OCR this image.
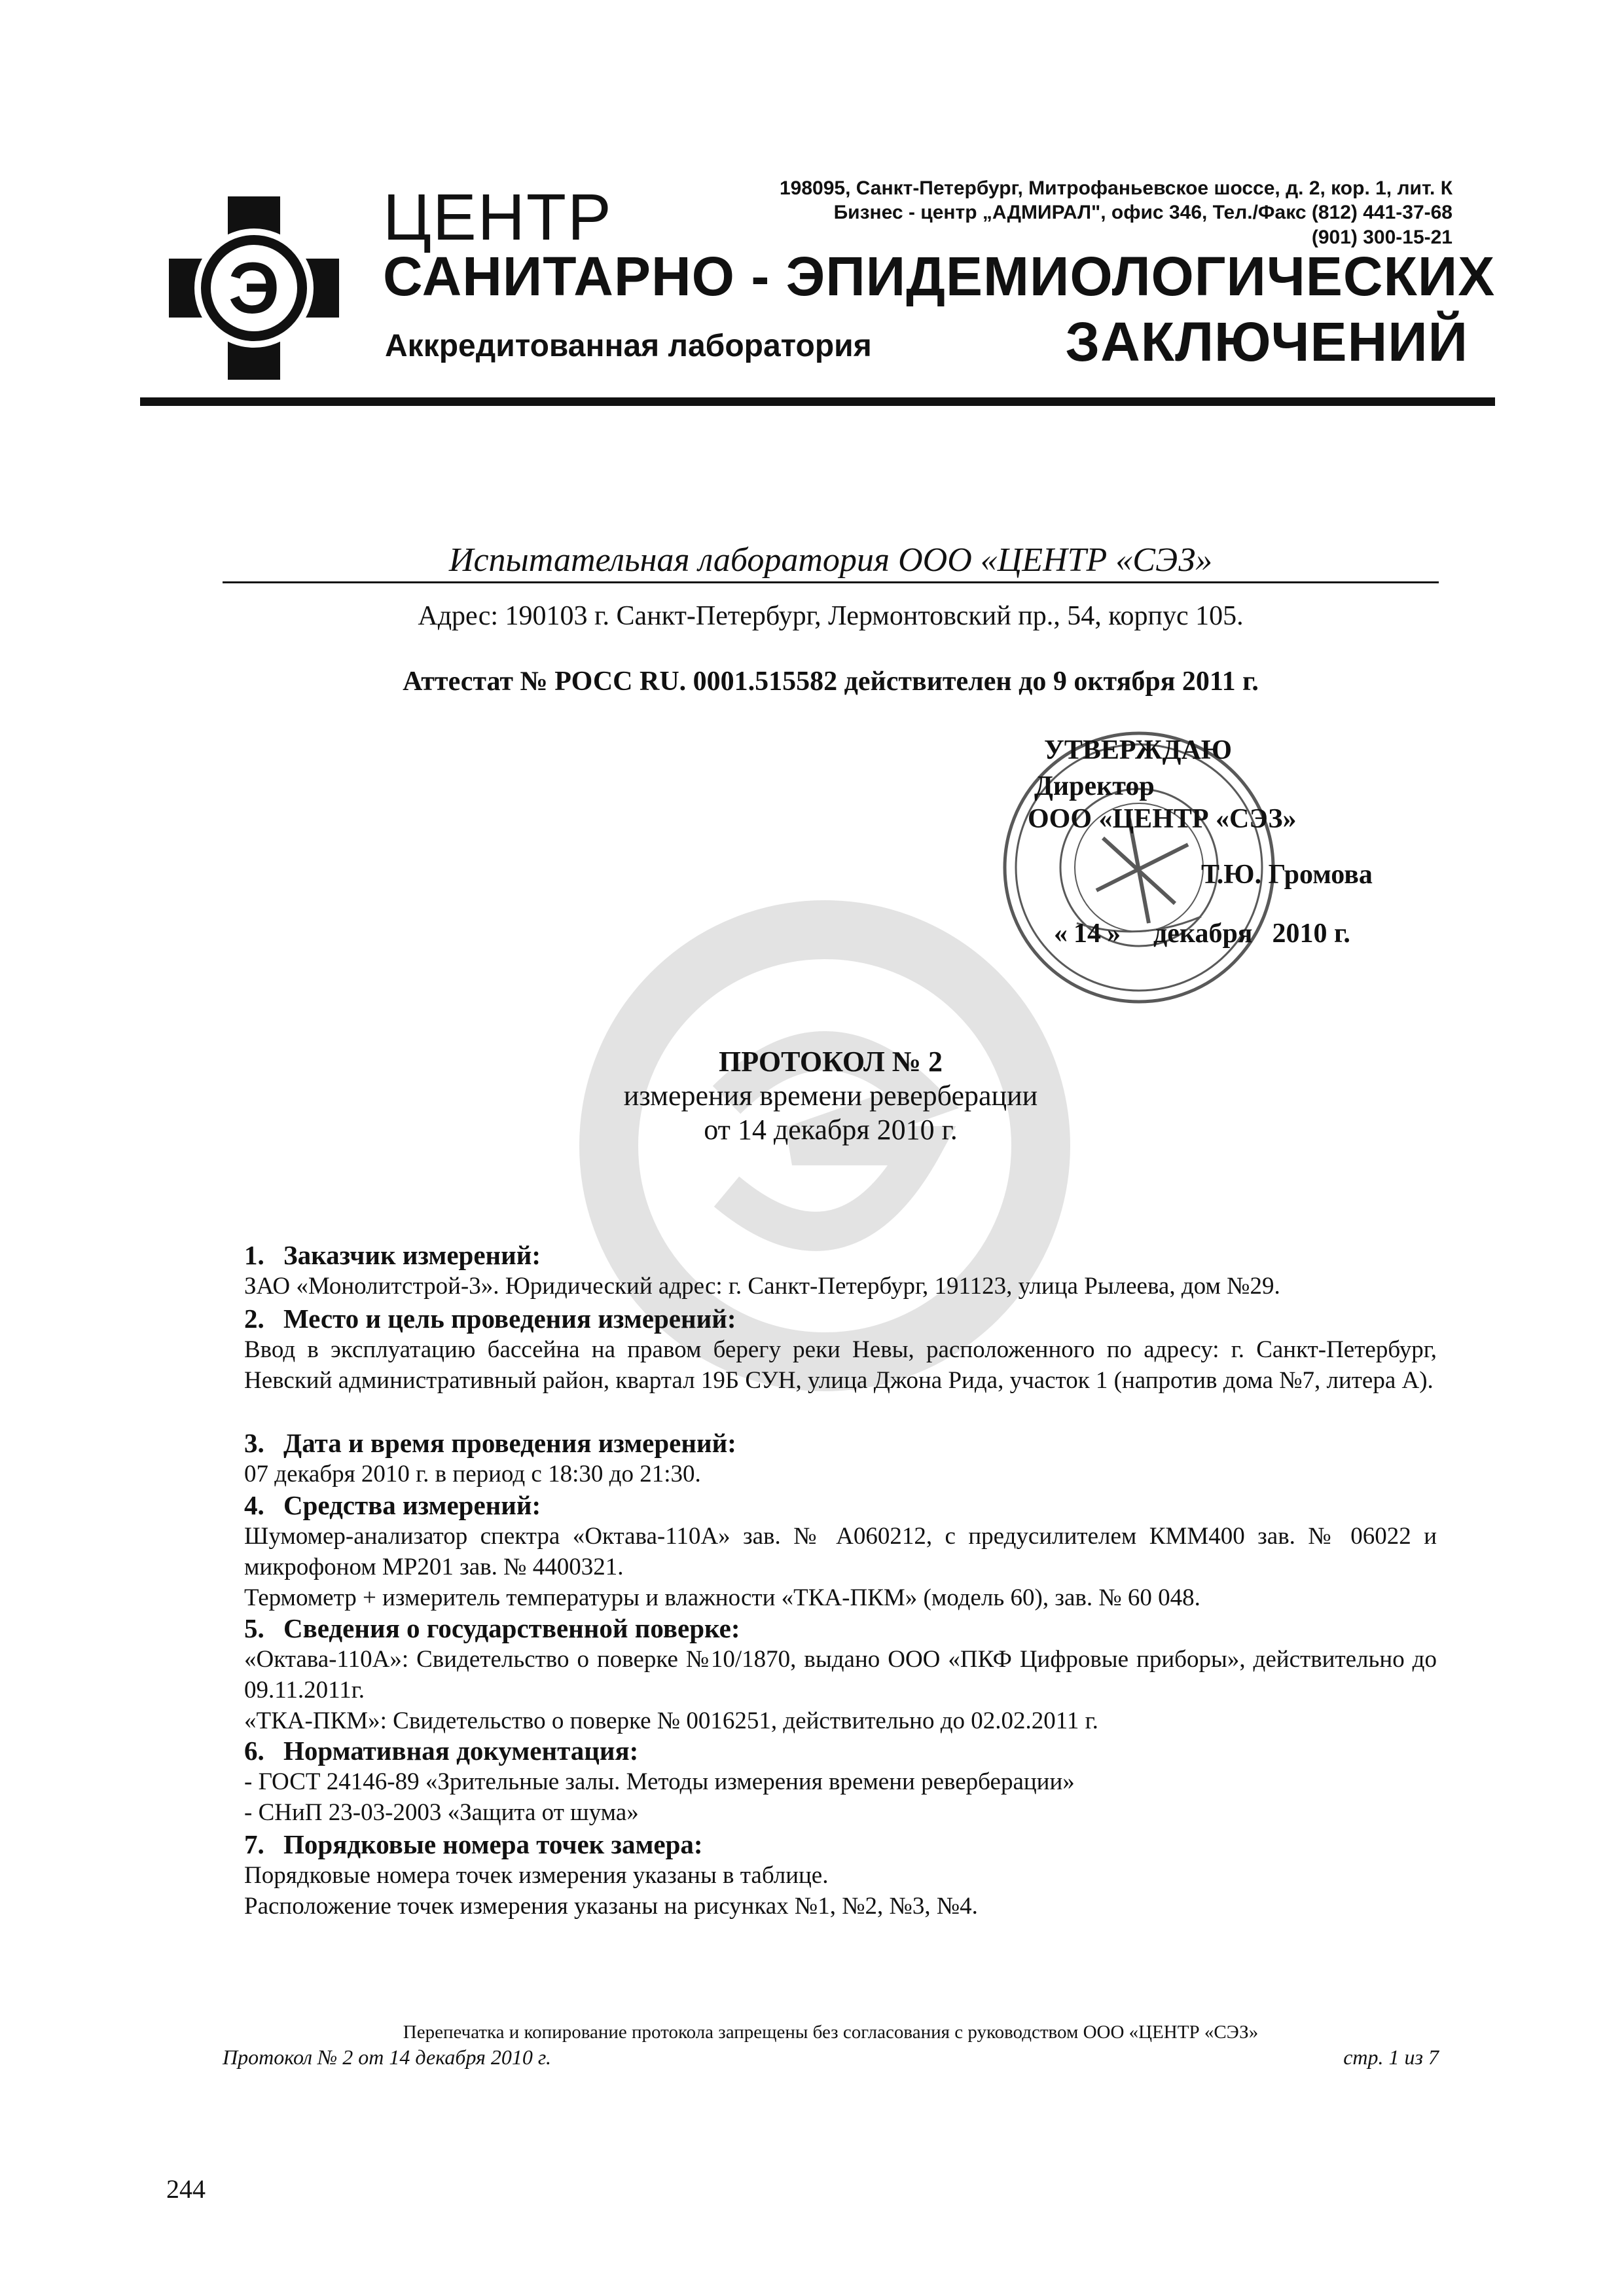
Э
ЦЕНТР
САНИТАРНО - ЭПИДЕМИОЛОГИЧЕСКИХ
Аккредитованная лаборатория	ЗАКЛЮЧЕНИЙ
198095, Санкт-Петербург, Митрофаньевское шоссе, д. 2, кор. 1, лит. К
Бизнес - центр „АДМИРАЛ", офис 346, Тел./Факс (812) 441-37-68
(901) 300-15-21
Испытательная лаборатория ООО «ЦЕНТР «СЭЗ»
Адрес: 190103 г. Санкт-Петербург, Лермонтовский пр., 54, корпус 105.
Аттестат № РОСС RU. 0001.515582 действителен до 9 октября 2011 г.
УТВЕРЖДАЮ
Директор
ООО «ЦЕНТР «СЭЗ»
Т.Ю. Громова
« 14 » декабря 2010 г.
ПРОТОКОЛ № 2
измерения времени реверберации
от 14 декабря 2010 г.
1. Заказчик измерений:
ЗАО «Монолитстрой-3». Юридический адрес: г. Санкт-Петербург, 191123, улица Рылеева, дом №29.
2. Место и цель проведения измерений:
Ввод в эксплуатацию бассейна на правом берегу реки Невы, расположенного по адресу: г. Санкт-Петербург, Невский административный район, квартал 19Б СУН, улица Джона Рида, участок 1 (напротив дома №7, литера А).
3. Дата и время проведения измерений:
07 декабря 2010 г. в период с 18:30 до 21:30.
4. Средства измерений:
Шумомер-анализатор спектра «Октава-110А» зав. № А060212, с предусилителем КММ400 зав. № 06022 и микрофоном МР201 зав. № 4400321.
Термометр + измеритель температуры и влажности «ТКА-ПКМ» (модель 60), зав. № 60 048.
5. Сведения о государственной поверке:
«Октава-110А»: Свидетельство о поверке №10/1870, выдано ООО «ПКФ Цифровые приборы», действительно до 09.11.2011г.
«ТКА-ПКМ»: Свидетельство о поверке № 0016251, действительно до 02.02.2011 г.
6. Нормативная документация:
- ГОСТ 24146-89 «Зрительные залы. Методы измерения времени реверберации»
- СНиП 23-03-2003 «Защита от шума»
7. Порядковые номера точек замера:
Порядковые номера точек измерения указаны в таблице.
Расположение точек измерения указаны на рисунках №1, №2, №3, №4.
Перепечатка и копирование протокола запрещены без согласования с руководством ООО «ЦЕНТР «СЭЗ»
Протокол № 2 от 14 декабря 2010 г.	стр. 1 из 7
244
